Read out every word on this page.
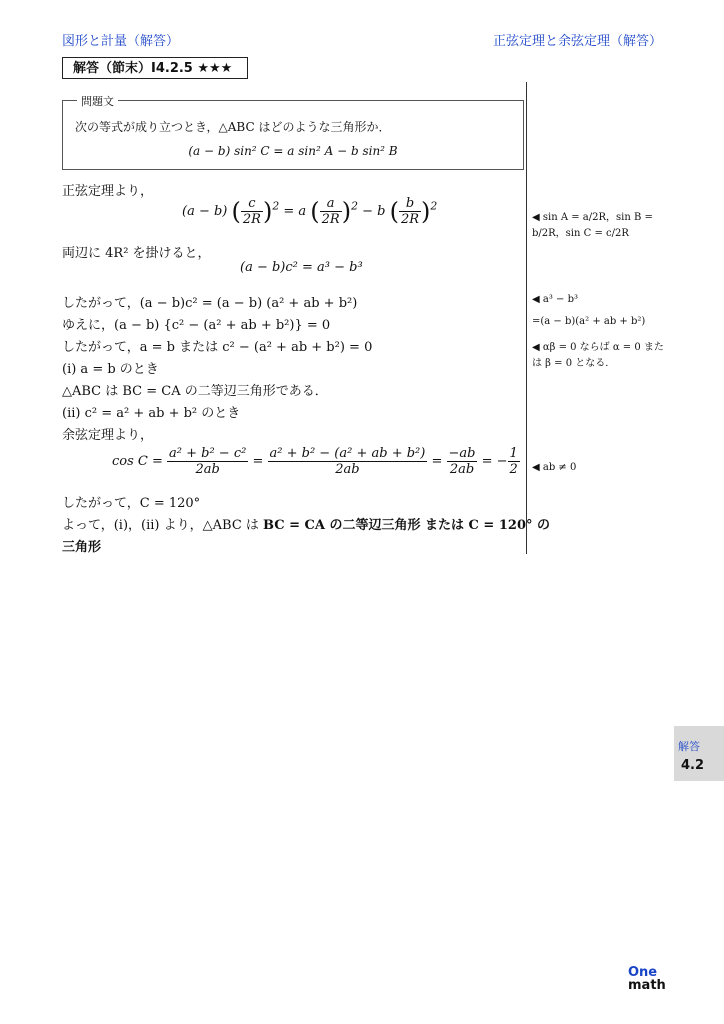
図形と計量（解答）	正弦定理と余弦定理（解答）
解答（節末）I4.2.5 ★★★
問題文
次の等式が成り立つとき，△ABC はどのような三角形か．
(a − b) sin² C = a sin² A − b sin² B
正弦定理より，
(a − b) ( $\frac{c}{2R} )^2 = a$ ( $\frac{a}{2R} )^2 - b$ ( $\frac{b}{2R} )^2$
両辺に 4R² を掛けると，
(a − b)c² = a³ − b³
したがって，(a − b)c² = (a − b) (a² + ab + b²)
ゆえに，(a − b) {c² − (a² + ab + b²)} = 0
したがって，a = b または c² − (a² + ab + b²) = 0
(i) a = b のとき
△ABC は BC = CA の二等辺三角形である．
(ii) c² = a² + ab + b² のとき
余弦定理より，
$\cos C = \frac{\text{a² + b² − c²}}{2ab} = \frac{\text{a² + b² − (a² + ab + b²)}}{2ab} = \frac{-ab}{2ab}$ = − $\frac{1}{2}$
したがって，C = 120°
よって，(i)，(ii) より，△ABC は BC = CA の二等辺三角形 または C = 120° の
三角形
◀ sin A = a/2R，sin B =
b/2R，sin C = c/2R
◀ a³ − b³
=(a − b)(a² + ab + b²)
◀ αβ = 0 ならば α = 0 また
は β = 0 となる．
◀ ab ≠ 0
解答
4.2
One
math
